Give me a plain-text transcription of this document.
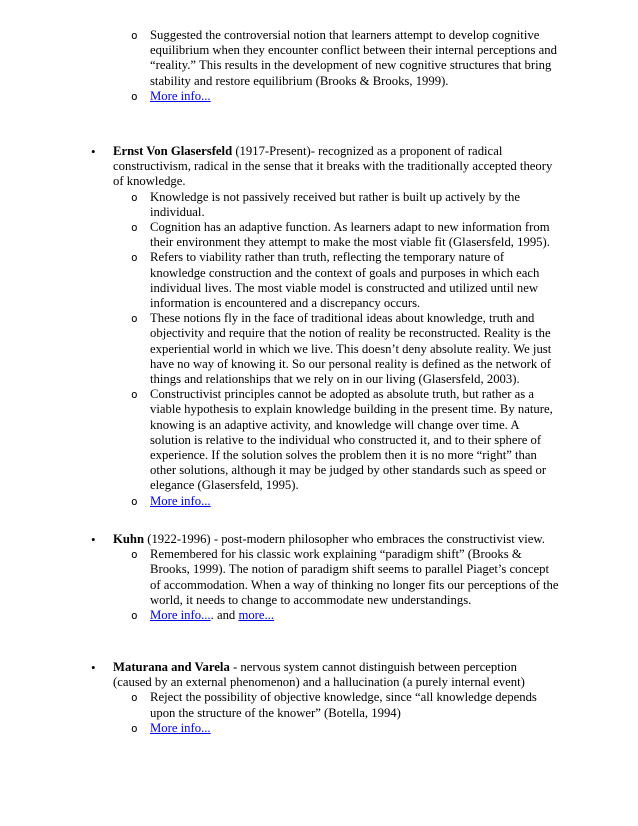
o Suggested the controversial notion that learners attempt to develop cognitive equilibrium when they encounter conflict between their internal perceptions and “reality.” This results in the development of new cognitive structures that bring stability and restore equilibrium (Brooks & Brooks, 1999).
o More info...
• Ernst Von Glasersfeld (1917-Present)- recognized as a proponent of radical constructivism, radical in the sense that it breaks with the traditionally accepted theory of knowledge.
o Knowledge is not passively received but rather is built up actively by the individual.
o Cognition has an adaptive function. As learners adapt to new information from their environment they attempt to make the most viable fit (Glasersfeld, 1995).
o Refers to viability rather than truth, reflecting the temporary nature of knowledge construction and the context of goals and purposes in which each individual lives. The most viable model is constructed and utilized until new information is encountered and a discrepancy occurs.
o These notions fly in the face of traditional ideas about knowledge, truth and objectivity and require that the notion of reality be reconstructed. Reality is the experiential world in which we live. This doesn’t deny absolute reality. We just have no way of knowing it. So our personal reality is defined as the network of things and relationships that we rely on in our living (Glasersfeld, 2003).
o Constructivist principles cannot be adopted as absolute truth, but rather as a viable hypothesis to explain knowledge building in the present time. By nature, knowing is an adaptive activity, and knowledge will change over time. A solution is relative to the individual who constructed it, and to their sphere of experience. If the solution solves the problem then it is no more “right” than other solutions, although it may be judged by other standards such as speed or elegance (Glasersfeld, 1995).
o More info...
• Kuhn (1922-1996) - post-modern philosopher who embraces the constructivist view.
o Remembered for his classic work explaining “paradigm shift” (Brooks & Brooks, 1999). The notion of paradigm shift seems to parallel Piaget’s concept of accommodation. When a way of thinking no longer fits our perceptions of the world, it needs to change to accommodate new understandings.
o More info.... and more...
• Maturana and Varela - nervous system cannot distinguish between perception (caused by an external phenomenon) and a hallucination (a purely internal event)
o Reject the possibility of objective knowledge, since “all knowledge depends upon the structure of the knower” (Botella, 1994)
o More info...
